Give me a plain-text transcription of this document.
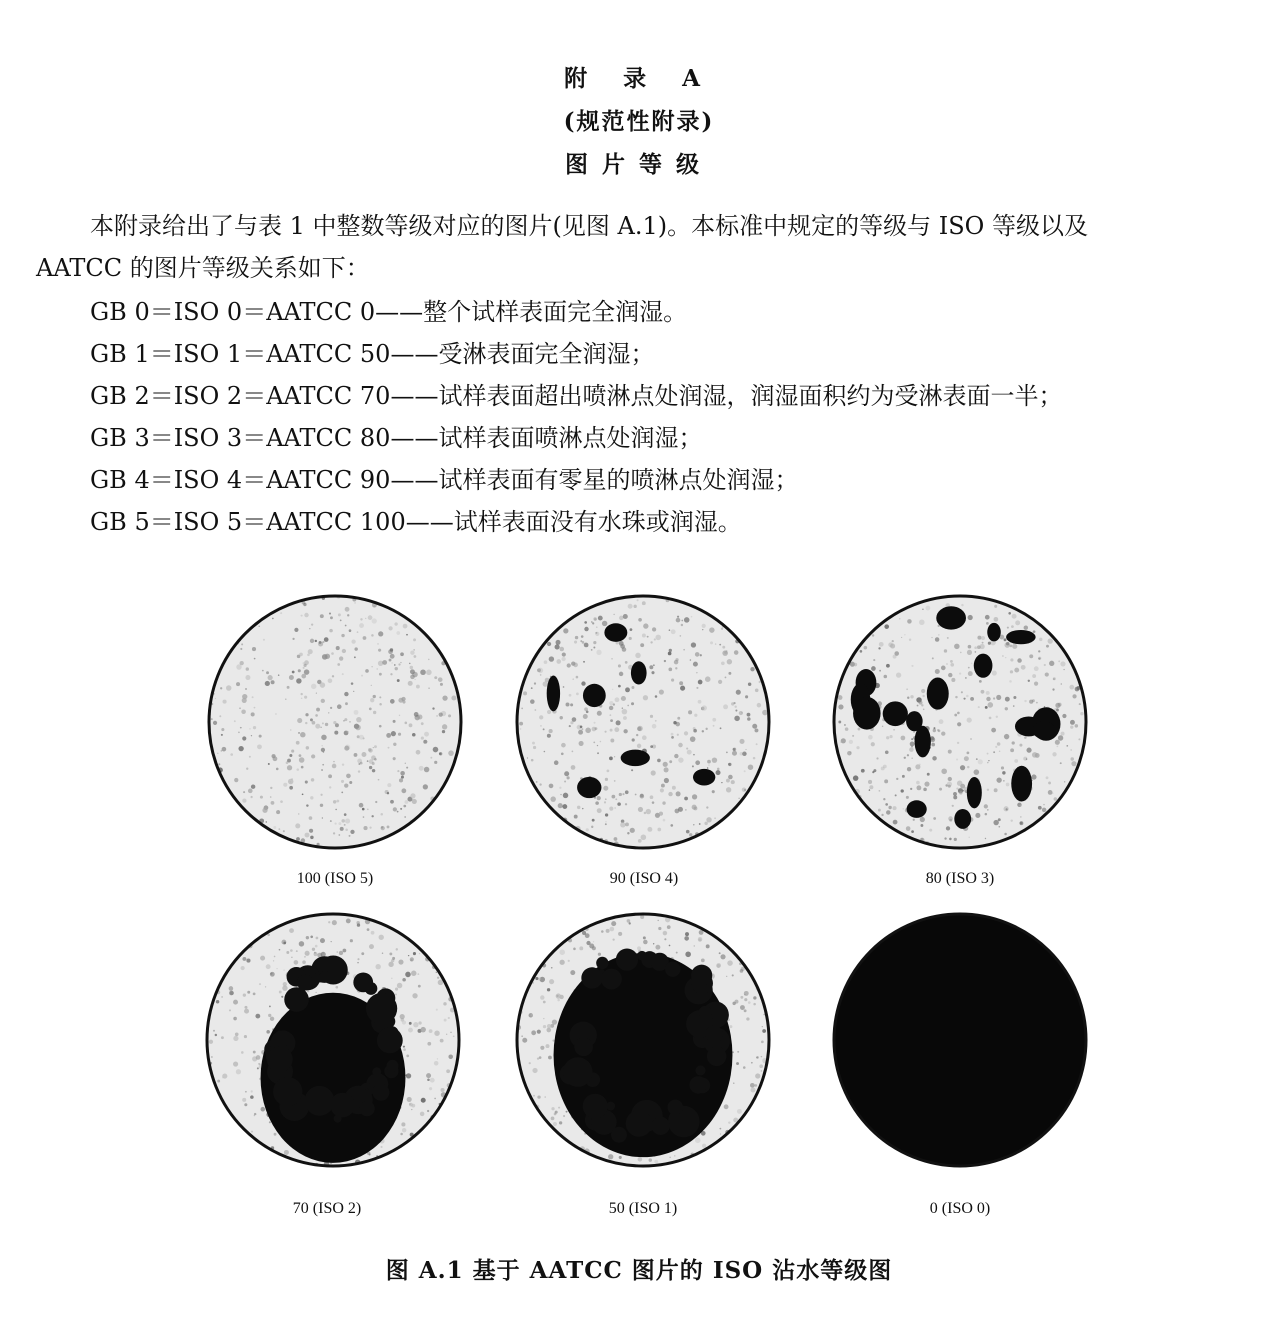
附 录 A
(规范性附录)
图片等级
本附录给出了与表 1 中整数等级对应的图片(见图 A.1)。本标准中规定的等级与 ISO 等级以及
AATCC 的图片等级关系如下：
GB 0＝ISO 0＝AATCC 0——整个试样表面完全润湿。
GB 1＝ISO 1＝AATCC 50——受淋表面完全润湿；
GB 2＝ISO 2＝AATCC 70——试样表面超出喷淋点处润湿，润湿面积约为受淋表面一半；
GB 3＝ISO 3＝AATCC 80——试样表面喷淋点处润湿；
GB 4＝ISO 4＝AATCC 90——试样表面有零星的喷淋点处润湿；
GB 5＝ISO 5＝AATCC 100——试样表面没有水珠或润湿。
100 (ISO 5)	90 (ISO 4)	80 (ISO 3)
70 (ISO 2)	50 (ISO 1)	0 (ISO 0)
图 A.1 基于 AATCC 图片的 ISO 沾水等级图
